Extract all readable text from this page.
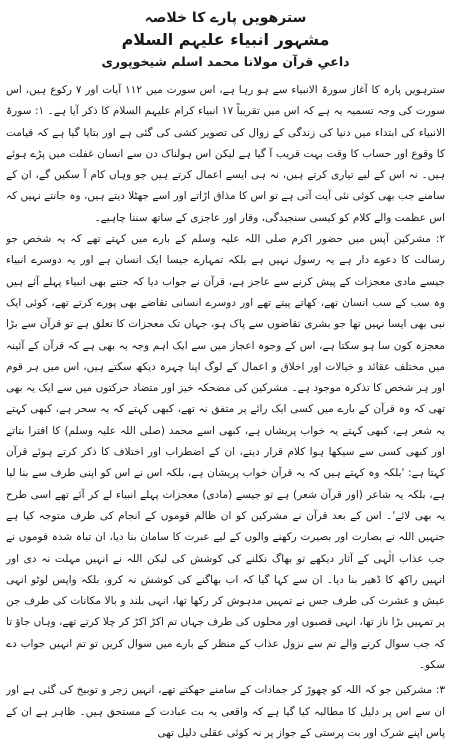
سترھویں پارے کا خلاصہ
مشہور انبیاء علیہم السلام
داعیِ قرآن مولانا محمد اسلم شیخوپوری

سترہویں پارہ کا آغاز سورۃ الانبیاء سے ہو رہا ہے، اس سورت میں ۱۱۲ آیات اور ۷ رکوع ہیں، اس سورت کی وجہ تسمیہ یہ ہے کہ اس میں تقریباً ۱۷ انبیاء کرام علیہم السلام کا ذکر آیا ہے۔ ۱: سورۃ الانبیاء کی ابتداء میں دنیا کی زندگی کے زوال کی تصویر کشی کی گئی ہے اور بتایا گیا ہے کہ قیامت کا وقوع اور حساب کا وقت بہت قریب آ گیا ہے لیکن اس ہولناک دن سے انسان غفلت میں پڑے ہوئے ہیں۔ نہ اس کے لیے تیاری کرتے ہیں، نہ ہی ایسے اعمال کرتے ہیں جو وہاں کام آ سکیں گے، ان کے سامنے جب بھی کوئی نئی آیت آتی ہے تو اس کا مذاق اڑاتے اور اسے جھٹلا دیتے ہیں، وہ جانتے نہیں کہ اس عظمت والے کلام کو کیسی سنجیدگی، وقار اور عاجزی کے ساتھ سننا چاہیے۔

۲: مشرکین آپس میں حضور اکرم صلی اللہ علیہ وسلم کے بارے میں کہتے تھے کہ یہ شخص جو رسالت کا دعوے دار ہے یہ رسول نہیں ہے بلکہ تمہارے جیسا ایک انسان ہے اور یہ دوسرے انبیاء جیسے مادی معجزات کے پیش کرنے سے عاجز ہے، قرآن نے جواب دیا کہ جتنے بھی انبیاء پہلے آئے ہیں وہ سب کے سب انسان تھے، کھاتے پیتے تھے اور دوسرے انسانی تقاضے بھی پورے کرتے تھے، کوئی ایک نبی بھی ایسا نہیں تھا جو بشری تقاضوں سے پاک ہو، جہاں تک معجزات کا تعلق ہے تو قرآن سے بڑا معجزہ کون سا ہو سکتا ہے، اس کے وجوہ اعجاز میں سے ایک اہم وجہ یہ بھی ہے کہ قرآن کے آئینہ میں مختلف عقائد و خیالات اور اخلاق و اعمال کے لوگ اپنا چہرہ دیکھ سکتے ہیں، اس میں ہر قوم اور ہر شخص کا تذکرہ موجود ہے۔ مشرکین کی مضحکہ خیز اور متضاد حرکتوں میں سے ایک یہ بھی تھی کہ وہ قرآن کے بارے میں کسی ایک رائے پر متفق نہ تھے، کبھی کہتے کہ یہ سحر ہے، کبھی کہتے یہ شعر ہے، کبھی کہتے یہ خواب پریشاں ہے، کبھی اسے محمد (صلی اللہ علیہ وسلم) کا افترا بتاتے اور کبھی کسی سے سیکھا ہوا کلام قرار دیتے، ان کے اضطراب اور اختلاف کا ذکر کرتے ہوئے قرآن کہتا ہے: 'بلکہ وہ کہتے ہیں کہ یہ قرآن خواب پریشان ہے، بلکہ اس نے اس کو اپنی طرف سے بنا لیا ہے، بلکہ یہ شاعر (اور قرآن شعر) ہے تو جیسے (مادی) معجزات پہلے انبیاء لے کر آئے تھے اسی طرح یہ بھی لائے'۔ اس کے بعد قرآن نے مشرکین کو ان ظالم قوموں کے انجام کی طرف متوجہ کیا ہے جنہیں اللہ نے بصارت اور بصیرت رکھنے والوں کے لیے عبرت کا سامان بنا دیا، ان تباہ شدہ قوموں نے جب عذاب الٰہی کے آثار دیکھے تو بھاگ نکلنے کی کوشش کی لیکن اللہ نے انہیں مہلت نہ دی اور انہیں راکھ کا ڈھیر بنا دیا۔ ان سے کہا گیا کہ اب بھاگنے کی کوشش نہ کرو، بلکہ واپس لوٹو انہی عیش و عشرت کی طرف جس نے تمہیں مدہوش کر رکھا تھا، انہی بلند و بالا مکانات کی طرف جن پر تمہیں بڑا ناز تھا، انہی قصبوں اور محلوں کی طرف جہاں تم اکڑ اکڑ کر چلا کرتے تھے، وہاں جاؤ تا کہ جب سوال کرنے والے تم سے نزول عذاب کے منظر کے بارے میں سوال کریں تو تم انہیں جواب دے سکو۔

۳: مشرکین جو کہ اللہ کو چھوڑ کر جمادات کے سامنے جھکتے تھے، انہیں زجر و توبیخ کی گئی ہے اور ان سے اس پر دلیل کا مطالبہ کیا گیا ہے کہ واقعی یہ بت عبادت کے مستحق ہیں۔ ظاہر ہے ان کے پاس اپنے شرک اور بت پرستی کے جواز پر نہ کوئی عقلی دلیل تھی
